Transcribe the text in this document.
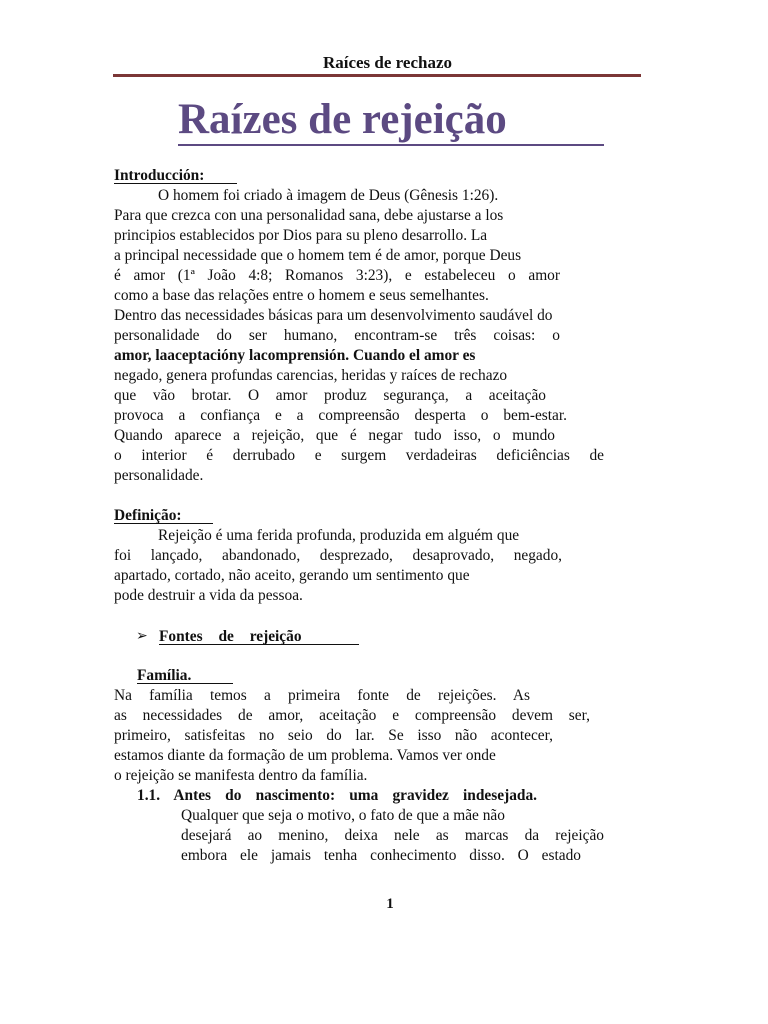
Raíces de rechazo
Raízes de rejeição
Introducción:
O homem foi criado à imagem de Deus (Gênesis 1:26).
Para que crezca con una personalidad sana, debe ajustarse a los
principios establecidos por Dios para su pleno desarrollo. La
a principal necessidade que o homem tem é de amor, porque Deus
é amor (1ª João 4:8; Romanos 3:23), e estabeleceu o amor
como a base das relações entre o homem e seus semelhantes.
Dentro das necessidades básicas para um desenvolvimento saudável do
personalidade do ser humano, encontram-se três coisas: o
amor, laaceptacióny lacomprensión. Cuando el amor es
negado, genera profundas carencias, heridas y raíces de rechazo
que vão brotar. O amor produz segurança, a aceitação
provoca a confiança e a compreensão desperta o bem-estar.
Quando aparece a rejeição, que é negar tudo isso, o mundo
o interior é derrubado e surgem verdadeiras deficiências de
personalidade.
Definição:
Rejeição é uma ferida profunda, produzida em alguém que
foi lançado, abandonado, desprezado, desaprovado, negado,
apartado, cortado, não aceito, gerando um sentimento que
pode destruir a vida da pessoa.
➢ Fontes de rejeição
Família.
Na família temos a primeira fonte de rejeições. As
as necessidades de amor, aceitação e compreensão devem ser,
primeiro, satisfeitas no seio do lar. Se isso não acontecer,
estamos diante da formação de um problema. Vamos ver onde
o rejeição se manifesta dentro da família.
1.1. Antes do nascimento: uma gravidez indesejada.
Qualquer que seja o motivo, o fato de que a mãe não
desejará ao menino, deixa nele as marcas da rejeição
embora ele jamais tenha conhecimento disso. O estado
1
